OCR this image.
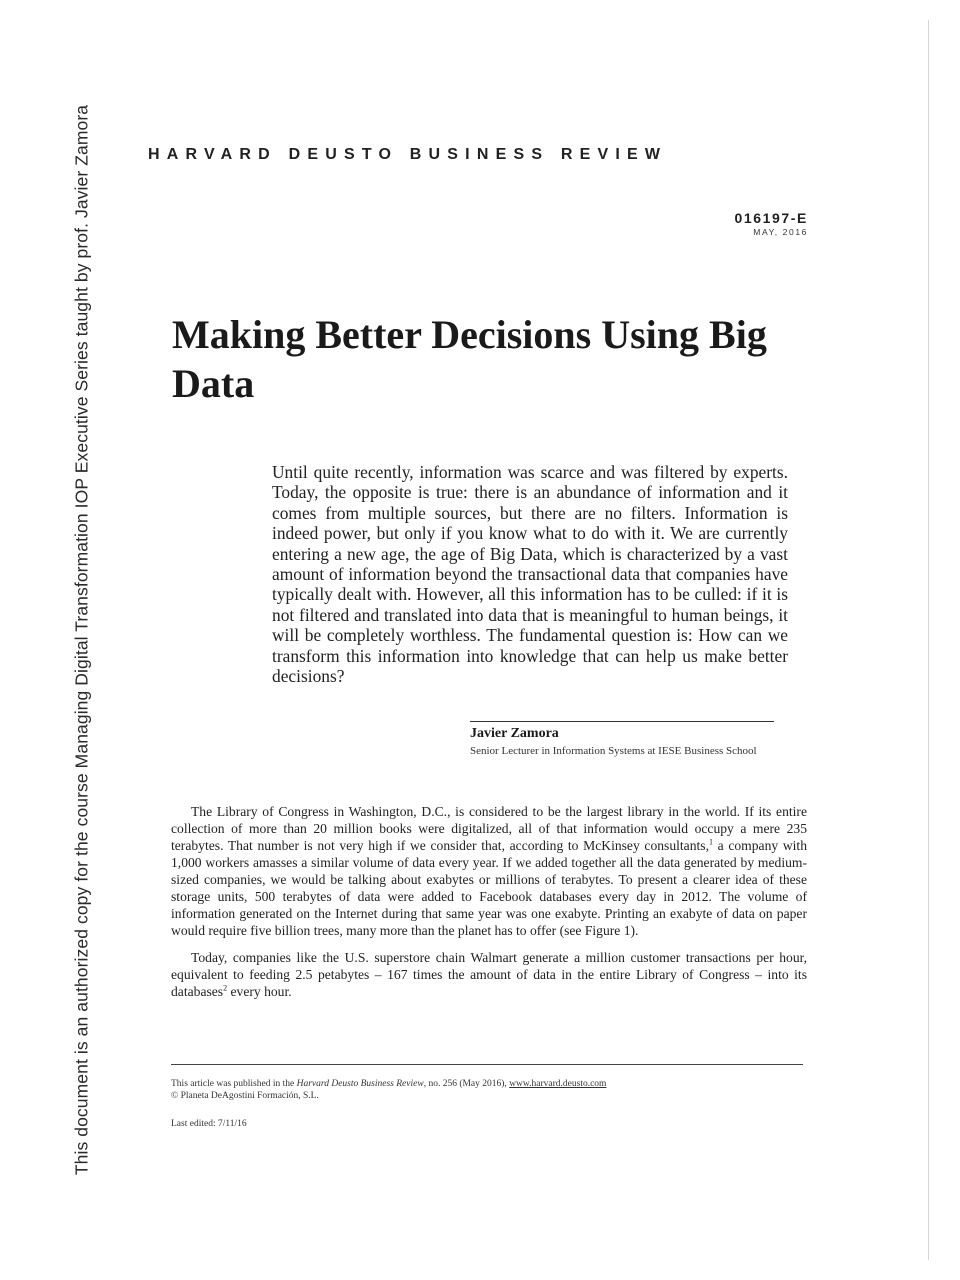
This document is an authorized copy for the course Managing Digital Transformation IOP Executive Series taught by prof. Javier Zamora	HARVARD DEUSTO BUSINESS REVIEW
016197-E
MAY, 2016
Making Better Decisions Using Big Data

Until quite recently, information was scarce and was filtered by experts. Today, the opposite is true: there is an abundance of information and it comes from multiple sources, but there are no filters. Information is indeed power, but only if you know what to do with it. We are currently entering a new age, the age of Big Data, which is characterized by a vast amount of information beyond the transactional data that companies have typically dealt with. However, all this information has to be culled: if it is not filtered and translated into data that is meaningful to human beings, it will be completely worthless. The fundamental question is: How can we transform this information into knowledge that can help us make better decisions?

Javier Zamora
Senior Lecturer in Information Systems at IESE Business School

The Library of Congress in Washington, D.C., is considered to be the largest library in the world. If its entire collection of more than 20 million books were digitalized, all of that information would occupy a mere 235 terabytes. That number is not very high if we consider that, according to McKinsey consultants,$^1$ a company with 1,000 workers amasses a similar volume of data every year. If we added together all the data generated by medium-sized companies, we would be talking about exabytes or millions of terabytes. To present a clearer idea of these storage units, 500 terabytes of data were added to Facebook databases every day in 2012. The volume of information generated on the Internet during that same year was one exabyte. Printing an exabyte of data on paper would require five billion trees, many more than the planet has to offer (see Figure 1).

Today, companies like the U.S. superstore chain Walmart generate a million customer transactions per hour, equivalent to feeding 2.5 petabytes – 167 times the amount of data in the entire Library of Congress – into its databases$^2$ every hour.

This article was published in the Harvard Deusto Business Review, no. 256 (May 2016), www.harvard.deusto.com
© Planeta DeAgostini Formación, S.L.
Last edited: 7/11/16
